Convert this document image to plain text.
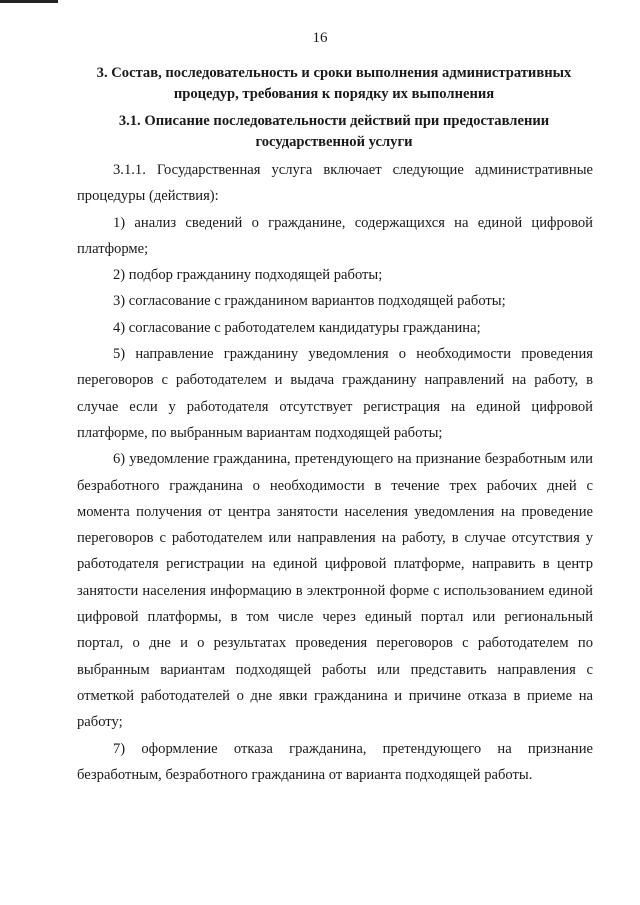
16
3. Состав, последовательность и сроки выполнения административных процедур, требования к порядку их выполнения
3.1. Описание последовательности действий при предоставлении государственной услуги

3.1.1. Государственная услуга включает следующие административные процедуры (действия):

1) анализ сведений о гражданине, содержащихся на единой цифровой платформе;

2) подбор гражданину подходящей работы;

3) согласование с гражданином вариантов подходящей работы;

4) согласование с работодателем кандидатуры гражданина;

5) направление гражданину уведомления о необходимости проведения переговоров с работодателем и выдача гражданину направлений на работу, в случае если у работодателя отсутствует регистрация на единой цифровой платформе, по выбранным вариантам подходящей работы;

6) уведомление гражданина, претендующего на признание безработным или безработного гражданина о необходимости в течение трех рабочих дней с момента получения от центра занятости населения уведомления на проведение переговоров с работодателем или направления на работу, в случае отсутствия у работодателя регистрации на единой цифровой платформе, направить в центр занятости населения информацию в электронной форме с использованием единой цифровой платформы, в том числе через единый портал или региональный портал, о дне и о результатах проведения переговоров с работодателем по выбранным вариантам подходящей работы или представить направления с отметкой работодателей о дне явки гражданина и причине отказа в приеме на работу;

7) оформление отказа гражданина, претендующего на признание безработным, безработного гражданина от варианта подходящей работы.
